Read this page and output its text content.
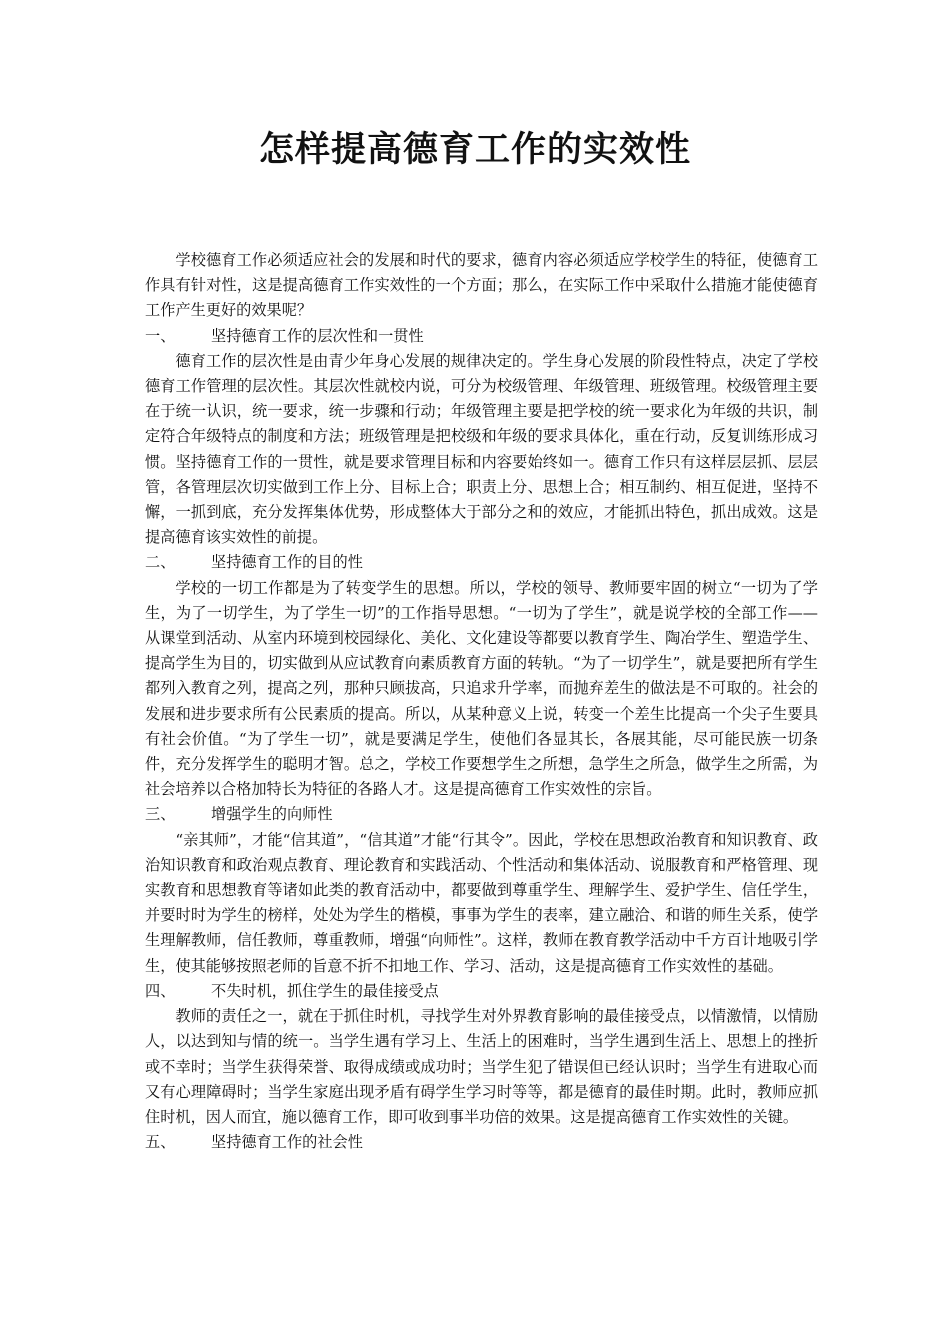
怎样提高德育工作的实效性

学校德育工作必须适应社会的发展和时代的要求，德育内容必须适应学校学生的特征，使德育工作具有针对性，这是提高德育工作实效性的一个方面；那么，在实际工作中采取什么措施才能使德育工作产生更好的效果呢？

一、	坚持德育工作的层次性和一贯性

德育工作的层次性是由青少年身心发展的规律决定的。学生身心发展的阶段性特点，决定了学校德育工作管理的层次性。其层次性就校内说，可分为校级管理、年级管理、班级管理。校级管理主要在于统一认识，统一要求，统一步骤和行动；年级管理主要是把学校的统一要求化为年级的共识，制定符合年级特点的制度和方法；班级管理是把校级和年级的要求具体化，重在行动，反复训练形成习惯。坚持德育工作的一贯性，就是要求管理目标和内容要始终如一。德育工作只有这样层层抓、层层管，各管理层次切实做到工作上分、目标上合；职责上分、思想上合；相互制约、相互促进，坚持不懈，一抓到底，充分发挥集体优势，形成整体大于部分之和的效应，才能抓出特色，抓出成效。这是提高德育该实效性的前提。

二、	坚持德育工作的目的性

学校的一切工作都是为了转变学生的思想。所以，学校的领导、教师要牢固的树立“一切为了学生，为了一切学生，为了学生一切”的工作指导思想。“一切为了学生”，就是说学校的全部工作——从课堂到活动、从室内环境到校园绿化、美化、文化建设等都要以教育学生、陶冶学生、塑造学生、提高学生为目的，切实做到从应试教育向素质教育方面的转轨。“为了一切学生”，就是要把所有学生都列入教育之列，提高之列，那种只顾拔高，只追求升学率，而抛弃差生的做法是不可取的。社会的发展和进步要求所有公民素质的提高。所以，从某种意义上说，转变一个差生比提高一个尖子生要具有社会价值。“为了学生一切”，就是要满足学生，使他们各显其长，各展其能，尽可能民族一切条件，充分发挥学生的聪明才智。总之，学校工作要想学生之所想，急学生之所急，做学生之所需，为社会培养以合格加特长为特征的各路人才。这是提高德育工作实效性的宗旨。

三、	增强学生的向师性

“亲其师”，才能“信其道”，“信其道”才能“行其令”。因此，学校在思想政治教育和知识教育、政治知识教育和政治观点教育、理论教育和实践活动、个性活动和集体活动、说服教育和严格管理、现实教育和思想教育等诸如此类的教育活动中，都要做到尊重学生、理解学生、爱护学生、信任学生，并要时时为学生的榜样，处处为学生的楷模，事事为学生的表率，建立融洽、和谐的师生关系，使学生理解教师，信任教师，尊重教师，增强“向师性”。这样，教师在教育教学活动中千方百计地吸引学生，使其能够按照老师的旨意不折不扣地工作、学习、活动，这是提高德育工作实效性的基础。

四、	不失时机，抓住学生的最佳接受点

教师的责任之一，就在于抓住时机，寻找学生对外界教育影响的最佳接受点，以情激情，以情励人，以达到知与情的统一。当学生遇有学习上、生活上的困难时，当学生遇到生活上、思想上的挫折或不幸时；当学生获得荣誉、取得成绩或成功时；当学生犯了错误但已经认识时；当学生有进取心而又有心理障碍时；当学生家庭出现矛盾有碍学生学习时等等，都是德育的最佳时期。此时，教师应抓住时机，因人而宜，施以德育工作，即可收到事半功倍的效果。这是提高德育工作实效性的关键。

五、	坚持德育工作的社会性
